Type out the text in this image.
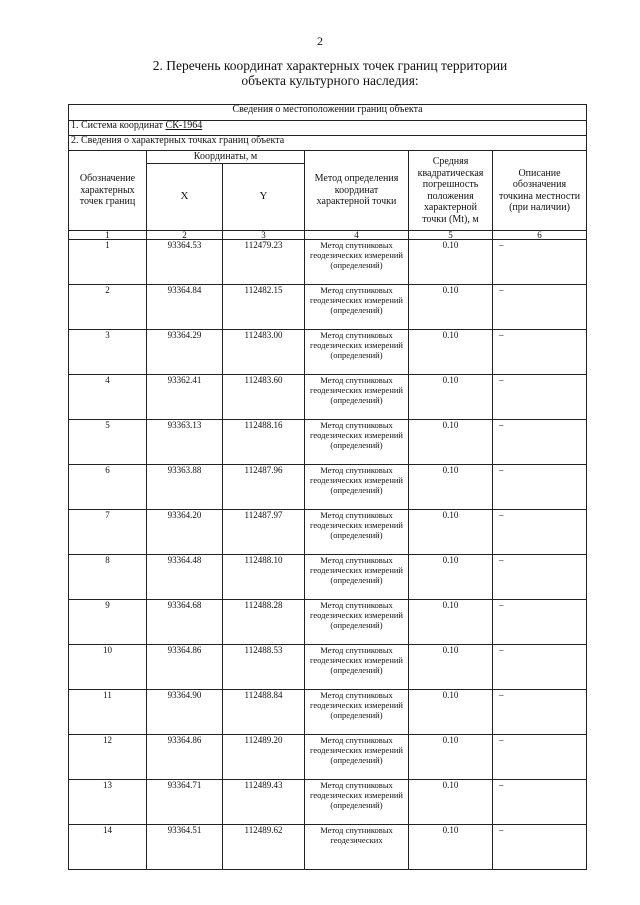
2
2. Перечень координат характерных точек границ территории
объекта культурного наследия:
Сведения о местоположении границ объекта					
1. Система координат СК-1964					
2. Сведения о характерных точках границ объекта					
Обозначение характерных точек границ	Координаты, м		Метод определения координат характерной точки	Средняя квадратическая погрешность положения характерной точки (Mt), м	Описание обозначения точкина местности (при наличии)
	X	Y			
1	2	3	4	5	6
1	93364.53	112479.23	Метод спутниковых геодезических измерений (определений)	0.10	–
2	93364.84	112482.15	Метод спутниковых геодезических измерений (определений)	0.10	–
3	93364.29	112483.00	Метод спутниковых геодезических измерений (определений)	0.10	–
4	93362.41	112483.60	Метод спутниковых геодезических измерений (определений)	0.10	–
5	93363.13	112488.16	Метод спутниковых геодезических измерений (определений)	0.10	–
6	93363.88	112487.96	Метод спутниковых геодезических измерений (определений)	0.10	–
7	93364.20	112487.97	Метод спутниковых геодезических измерений (определений)	0.10	–
8	93364.48	112488.10	Метод спутниковых геодезических измерений (определений)	0.10	–
9	93364.68	112488.28	Метод спутниковых геодезических измерений (определений)	0.10	–
10	93364.86	112488.53	Метод спутниковых геодезических измерений (определений)	0.10	–
11	93364.90	112488.84	Метод спутниковых геодезических измерений (определений)	0.10	–
12	93364.86	112489.20	Метод спутниковых геодезических измерений (определений)	0.10	–
13	93364.71	112489.43	Метод спутниковых геодезических измерений (определений)	0.10	–
14	93364.51	112489.62	Метод спутниковых геодезических	0.10	–
